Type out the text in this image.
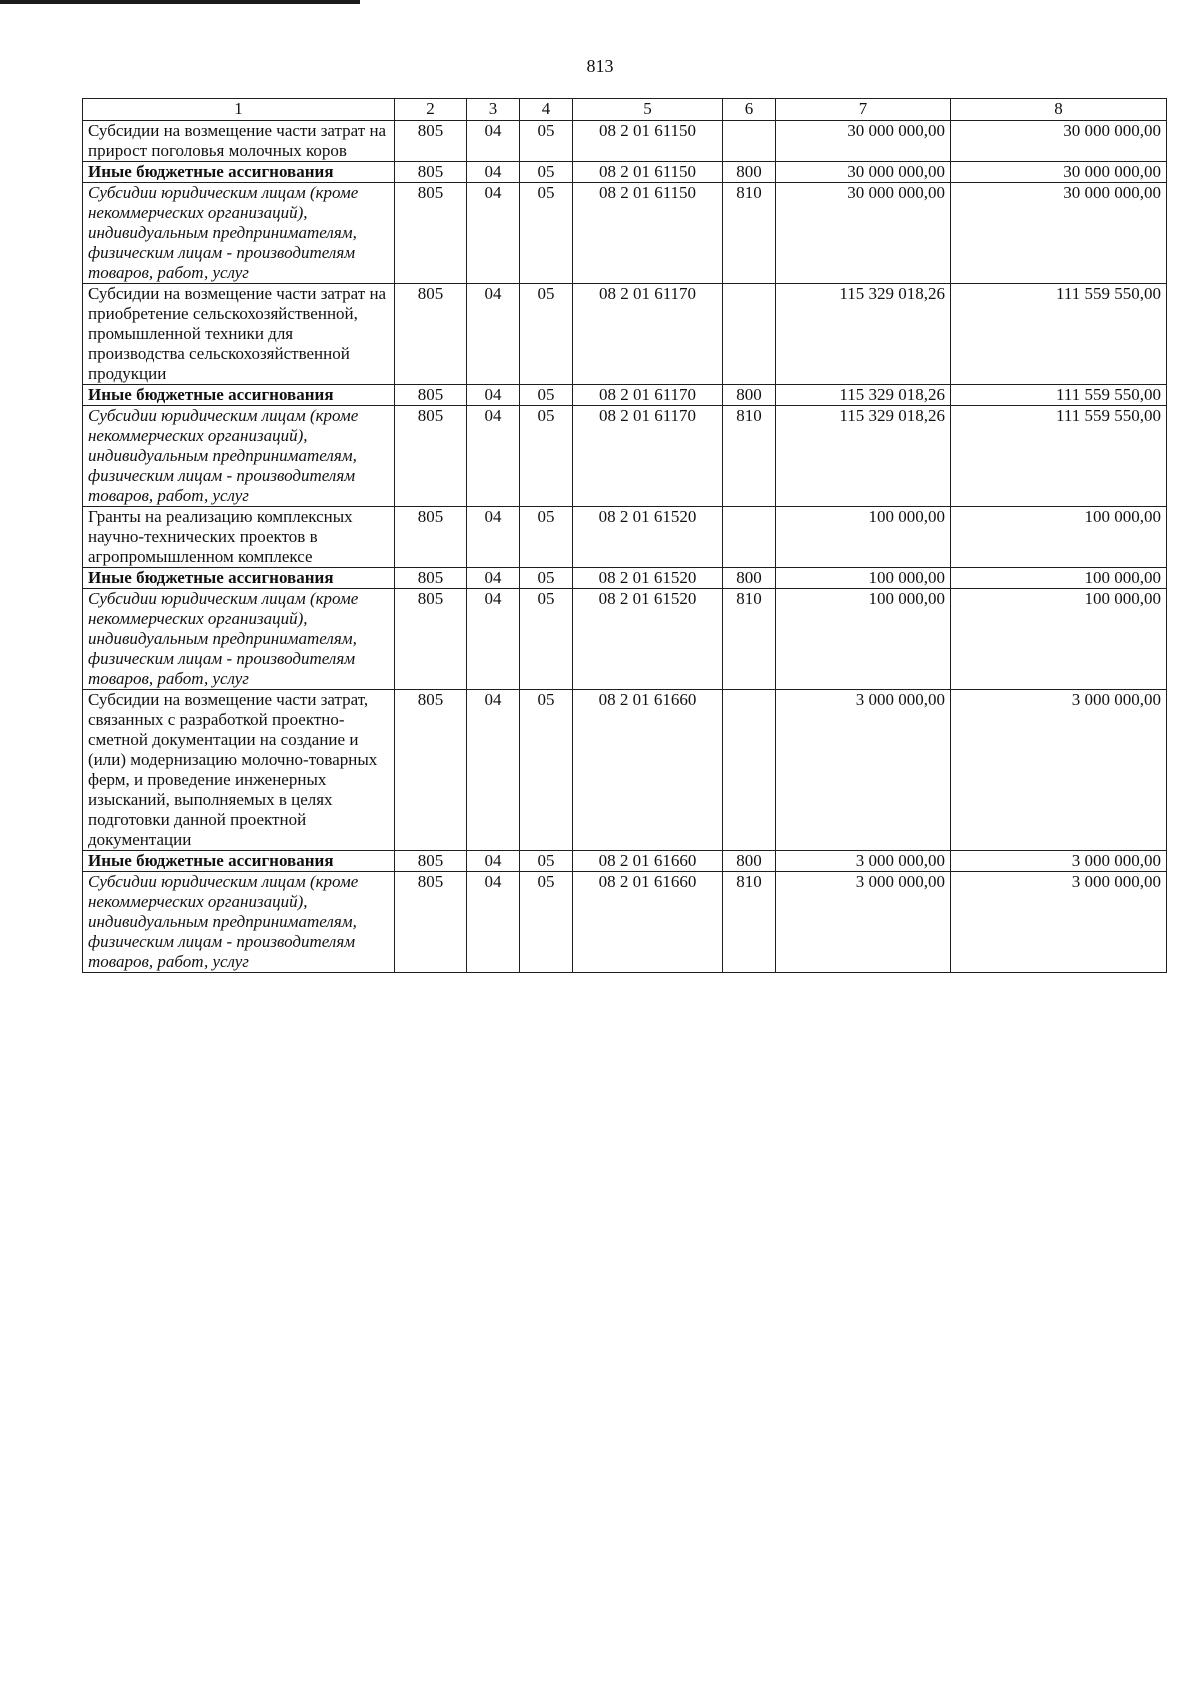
813
1	2	3	4	5	6	7	8
Субсидии на возмещение части затрат на прирост поголовья молочных коров	805	04	05	08 2 01 61150		30 000 000,00	30 000 000,00
Иные бюджетные ассигнования	805	04	05	08 2 01 61150	800	30 000 000,00	30 000 000,00
Субсидии юридическим лицам (кроме некоммерческих организаций), индивидуальным предпринимателям, физическим лицам - производителям товаров, работ, услуг	805	04	05	08 2 01 61150	810	30 000 000,00	30 000 000,00
Субсидии на возмещение части затрат на приобретение сельскохозяйственной, промышленной техники для производства сельскохозяйственной продукции	805	04	05	08 2 01 61170		115 329 018,26	111 559 550,00
Иные бюджетные ассигнования	805	04	05	08 2 01 61170	800	115 329 018,26	111 559 550,00
Субсидии юридическим лицам (кроме некоммерческих организаций), индивидуальным предпринимателям, физическим лицам - производителям товаров, работ, услуг	805	04	05	08 2 01 61170	810	115 329 018,26	111 559 550,00
Гранты на реализацию комплексных научно-технических проектов в агропромышленном комплексе	805	04	05	08 2 01 61520		100 000,00	100 000,00
Иные бюджетные ассигнования	805	04	05	08 2 01 61520	800	100 000,00	100 000,00
Субсидии юридическим лицам (кроме некоммерческих организаций), индивидуальным предпринимателям, физическим лицам - производителям товаров, работ, услуг	805	04	05	08 2 01 61520	810	100 000,00	100 000,00
Субсидии на возмещение части затрат, связанных с разработкой проектно-сметной документации на создание и (или) модернизацию молочно-товарных ферм, и проведение инженерных изысканий, выполняемых в целях подготовки данной проектной документации	805	04	05	08 2 01 61660		3 000 000,00	3 000 000,00
Иные бюджетные ассигнования	805	04	05	08 2 01 61660	800	3 000 000,00	3 000 000,00
Субсидии юридическим лицам (кроме некоммерческих организаций), индивидуальным предпринимателям, физическим лицам - производителям товаров, работ, услуг	805	04	05	08 2 01 61660	810	3 000 000,00	3 000 000,00
